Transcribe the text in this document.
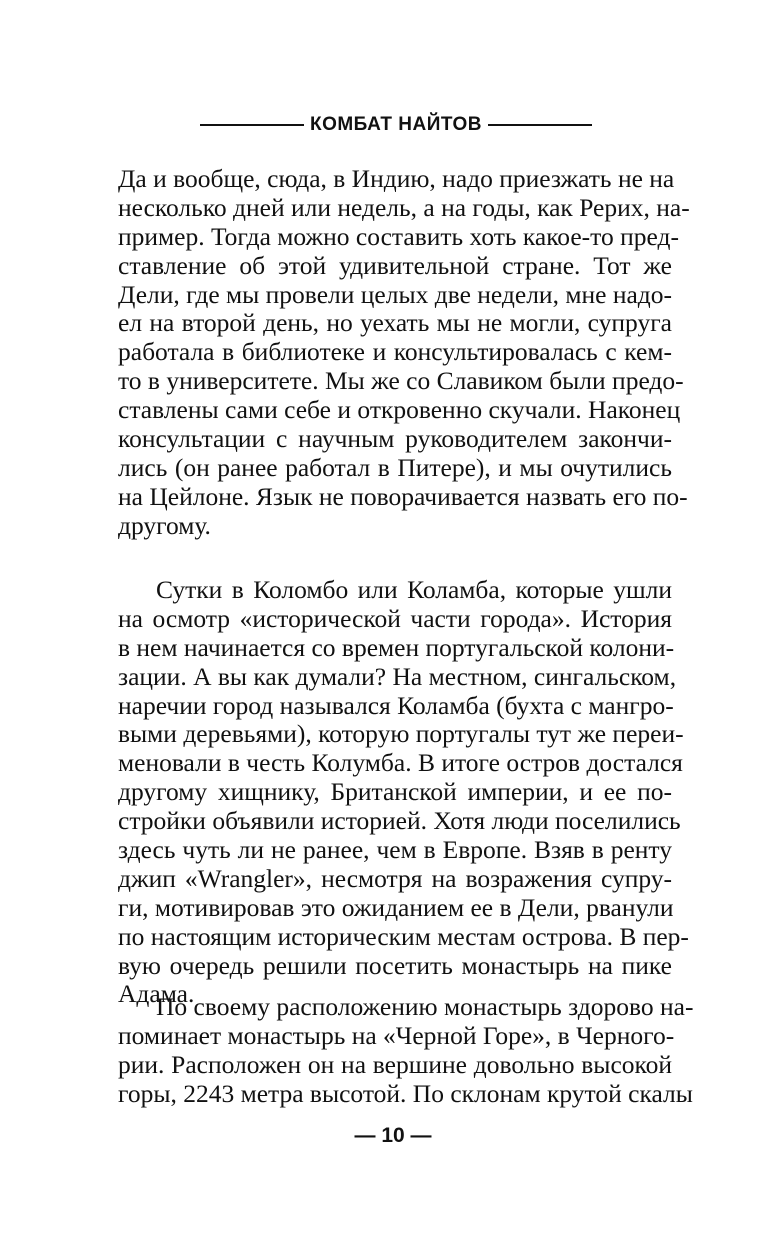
КОМБАТ НАЙТОВ
Да и вообще, сюда, в Индию, надо приезжать не на
несколько дней или недель, а на годы, как Рерих, на-
пример. Тогда можно составить хоть какое-то пред-
ставление об этой удивительной стране. Тот же
Дели, где мы провели целых две недели, мне надо-
ел на второй день, но уехать мы не могли, супруга
работала в библиотеке и консультировалась с кем-
то в университете. Мы же со Славиком были предо-
ставлены сами себе и откровенно скучали. Наконец
консультации с научным руководителем закончи-
лись (он ранее работал в Питере), и мы очутились
на Цейлоне. Язык не поворачивается назвать его по-
другому.
Сутки в Коломбо или Коламба, которые ушли
на осмотр «исторической части города». История
в нем начинается со времен португальской колони-
зации. А вы как думали? На местном, сингальском,
наречии город назывался Коламба (бухта с мангро-
выми деревьями), которую португалы тут же переи-
меновали в честь Колумба. В итоге остров достался
другому хищнику, Британской империи, и ее по-
стройки объявили историей. Хотя люди поселились
здесь чуть ли не ранее, чем в Европе. Взяв в ренту
джип «Wrangler», несмотря на возражения супру-
ги, мотивировав это ожиданием ее в Дели, рванули
по настоящим историческим местам острова. В пер-
вую очередь решили посетить монастырь на пике
Адама.
По своему расположению монастырь здорово на-
поминает монастырь на «Черной Горе», в Черного-
рии. Расположен он на вершине довольно высокой
горы, 2243 метра высотой. По склонам крутой скалы
— 10 —
